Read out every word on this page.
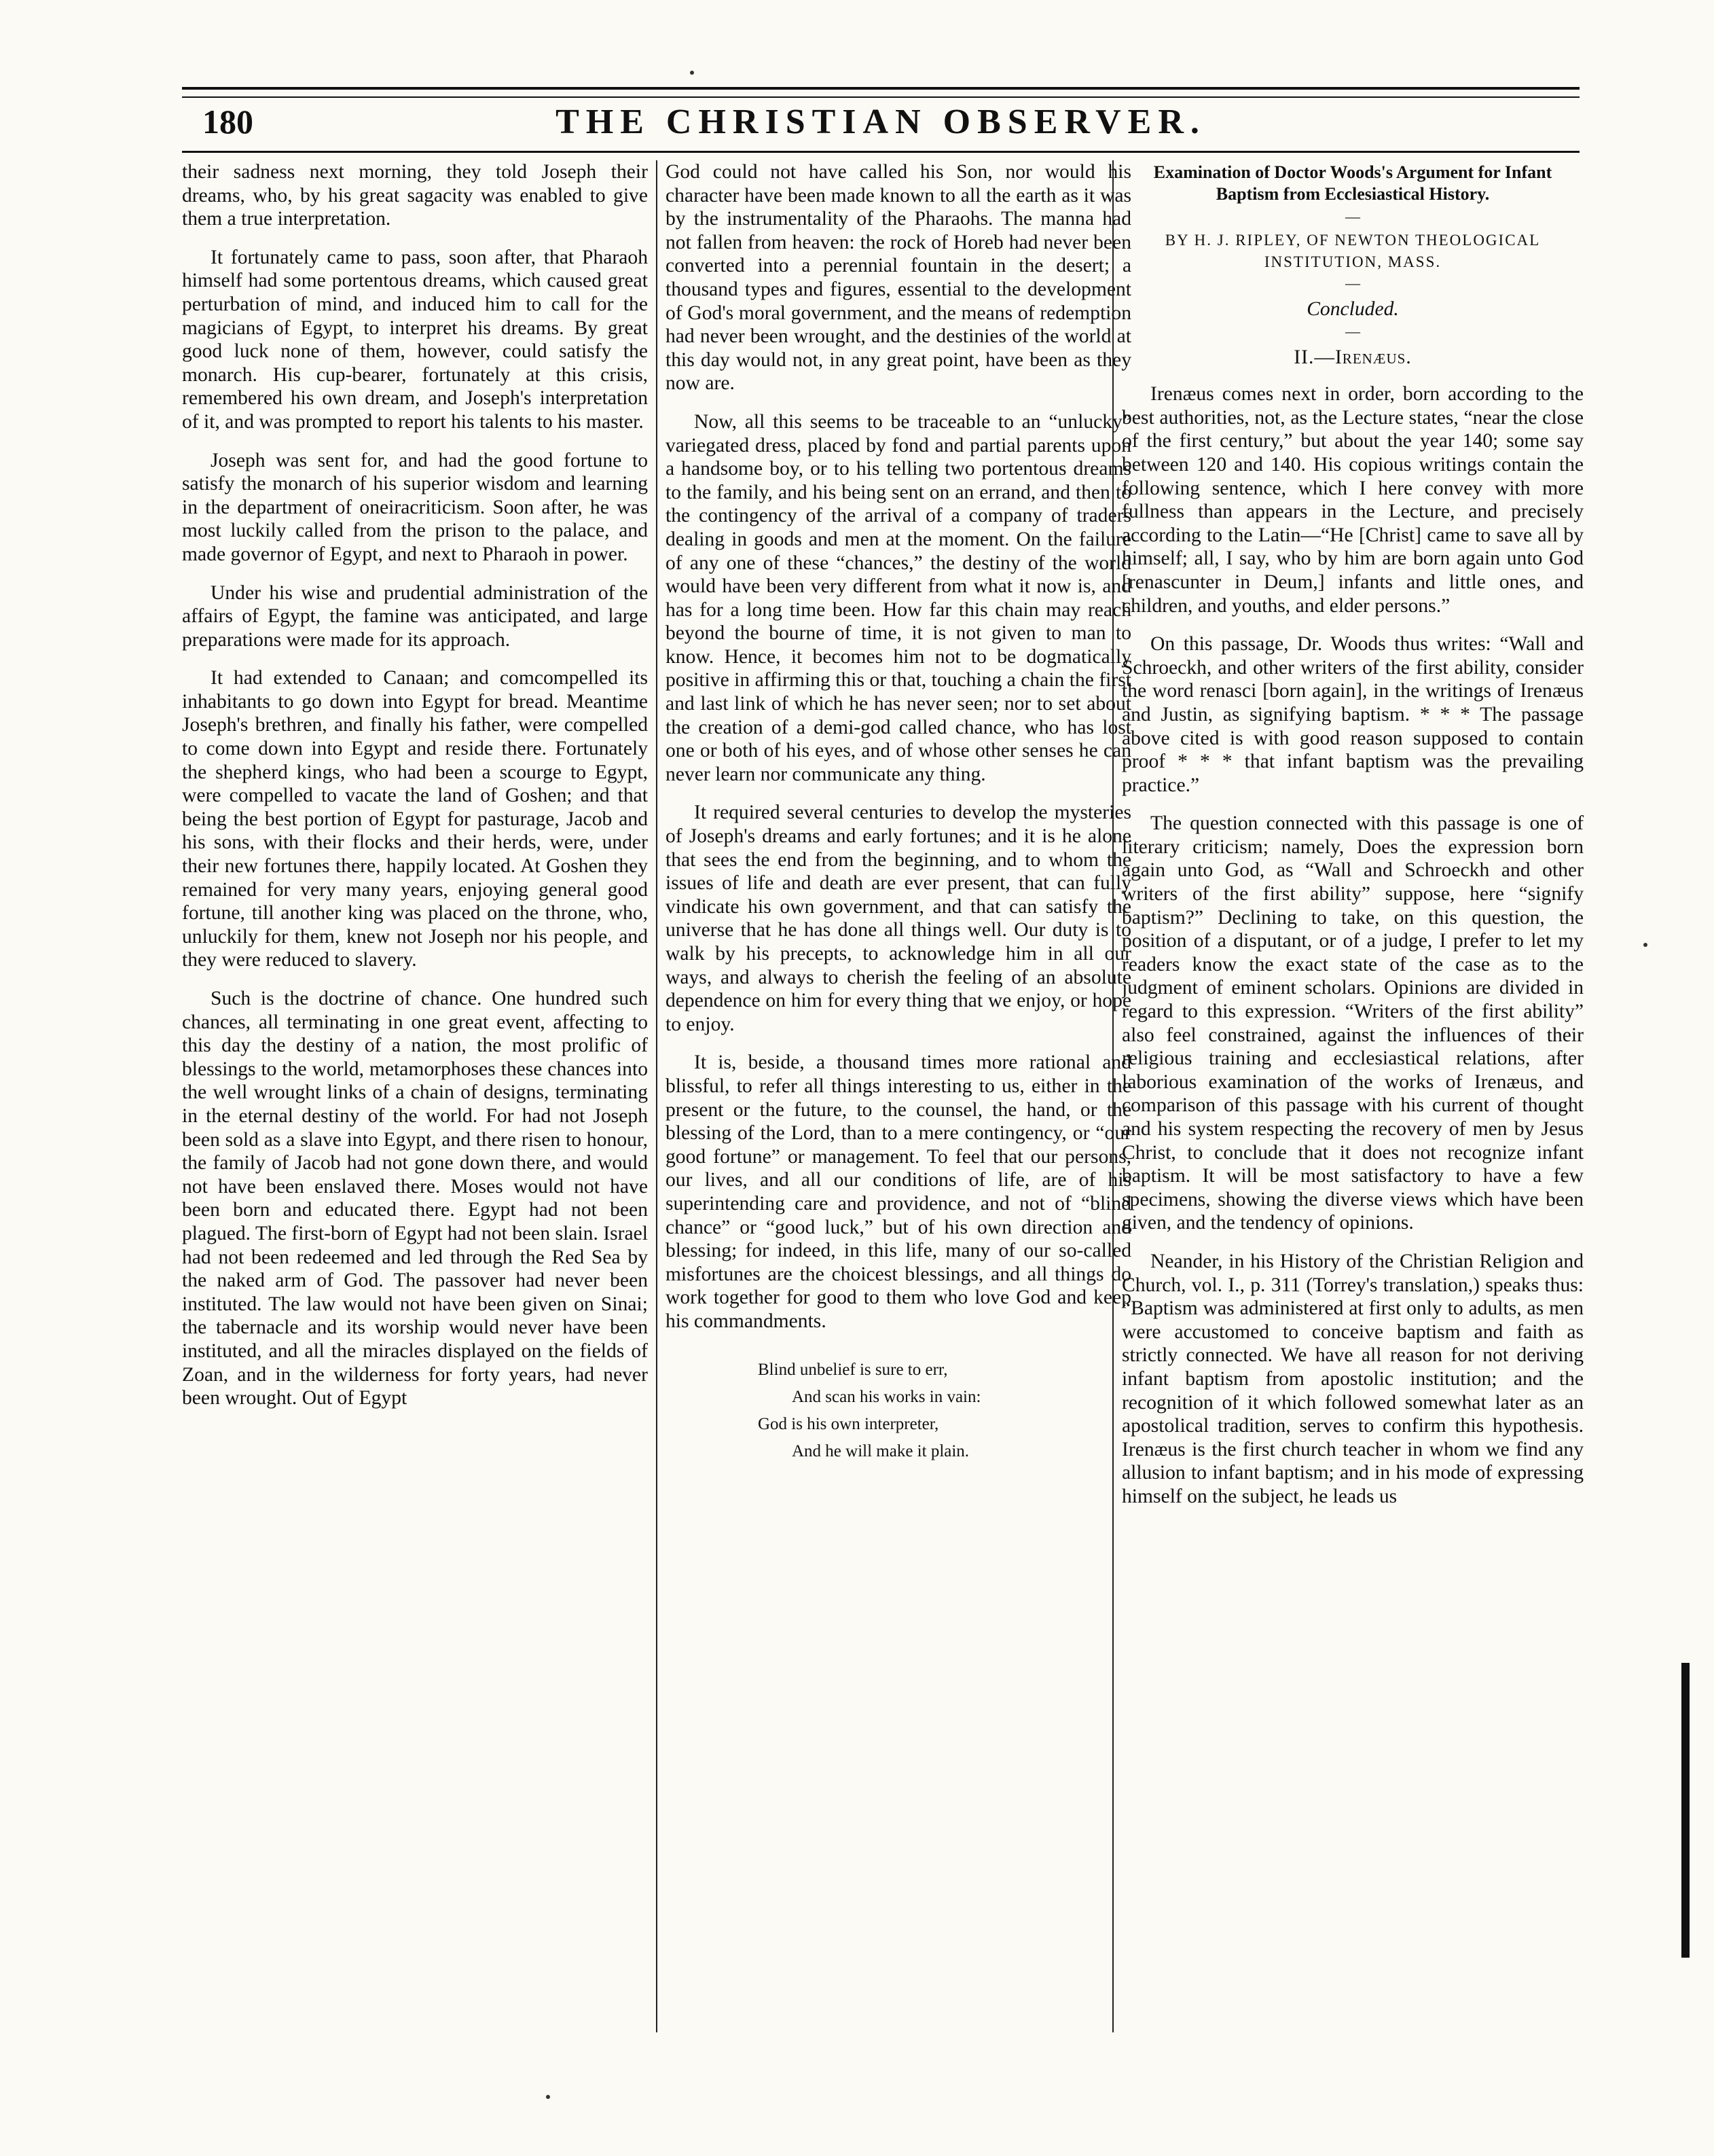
180	THE CHRISTIAN OBSERVER.

their sadness next morning, they told Joseph their dreams, who, by his great sagacity was enabled to give them a true interpretation.

It fortunately came to pass, soon after, that Pharaoh himself had some portentous dreams, which caused great perturbation of mind, and induced him to call for the magicians of Egypt, to interpret his dreams. By great good luck none of them, however, could satisfy the monarch. His cup-bearer, fortunately at this crisis, remembered his own dream, and Joseph's interpretation of it, and was prompted to report his talents to his master.

Joseph was sent for, and had the good fortune to satisfy the monarch of his superior wisdom and learning in the department of oneiracriticism. Soon after, he was most luckily called from the prison to the palace, and made governor of Egypt, and next to Pharaoh in power.

Under his wise and prudential administration of the affairs of Egypt, the famine was anticipated, and large preparations were made for its approach.

It had extended to Canaan; and comcompelled its inhabitants to go down into Egypt for bread. Meantime Joseph's brethren, and finally his father, were compelled to come down into Egypt and reside there. Fortunately the shepherd kings, who had been a scourge to Egypt, were compelled to vacate the land of Goshen; and that being the best portion of Egypt for pasturage, Jacob and his sons, with their flocks and their herds, were, under their new fortunes there, happily located. At Goshen they remained for very many years, enjoying general good fortune, till another king was placed on the throne, who, unluckily for them, knew not Joseph nor his people, and they were reduced to slavery.

Such is the doctrine of chance. One hundred such chances, all terminating in one great event, affecting to this day the destiny of a nation, the most prolific of blessings to the world, metamorphoses these chances into the well wrought links of a chain of designs, terminating in the eternal destiny of the world. For had not Joseph been sold as a slave into Egypt, and there risen to honour, the family of Jacob had not gone down there, and would not have been enslaved there. Moses would not have been born and educated there. Egypt had not been plagued. The first-born of Egypt had not been slain. Israel had not been redeemed and led through the Red Sea by the naked arm of God. The passover had never been instituted. The law would not have been given on Sinai; the tabernacle and its worship would never have been instituted, and all the miracles displayed on the fields of Zoan, and in the wilderness for forty years, had never been wrought. Out of Egypt

God could not have called his Son, nor would his character have been made known to all the earth as it was by the instrumentality of the Pharaohs. The manna had not fallen from heaven: the rock of Horeb had never been converted into a perennial fountain in the desert; a thousand types and figures, essential to the development of God's moral government, and the means of redemption had never been wrought, and the destinies of the world at this day would not, in any great point, have been as they now are.

Now, all this seems to be traceable to an “unlucky” variegated dress, placed by fond and partial parents upon a handsome boy, or to his telling two portentous dreams to the family, and his being sent on an errand, and then to the contingency of the arrival of a company of traders dealing in goods and men at the moment. On the failure of any one of these “chances,” the destiny of the world would have been very different from what it now is, and has for a long time been. How far this chain may reach beyond the bourne of time, it is not given to man to know. Hence, it becomes him not to be dogmatically positive in affirming this or that, touching a chain the first and last link of which he has never seen; nor to set about the creation of a demi-god called chance, who has lost one or both of his eyes, and of whose other senses he can never learn nor communicate any thing.

It required several centuries to develop the mysteries of Joseph's dreams and early fortunes; and it is he alone that sees the end from the beginning, and to whom the issues of life and death are ever present, that can fully vindicate his own government, and that can satisfy the universe that he has done all things well. Our duty is to walk by his precepts, to acknowledge him in all our ways, and always to cherish the feeling of an absolute dependence on him for every thing that we enjoy, or hope to enjoy.

It is, beside, a thousand times more rational and blissful, to refer all things interesting to us, either in the present or the future, to the counsel, the hand, or the blessing of the Lord, than to a mere contingency, or “our good fortune” or management. To feel that our persons, our lives, and all our conditions of life, are of his superintending care and providence, and not of “blind chance” or “good luck,” but of his own direction and blessing; for indeed, in this life, many of our so-called misfortunes are the choicest blessings, and all things do work together for good to them who love God and keep his commandments.

Blind unbelief is sure to err,
And scan his works in vain:
God is his own interpreter,
And he will make it plain.
Examination of Doctor Woods's Argument for Infant Baptism from Ecclesiastical History.
—
BY H. J. RIPLEY, OF NEWTON THEOLOGICAL INSTITUTION, MASS.
—
Concluded.
—
II.—Irenæus.

Irenæus comes next in order, born according to the best authorities, not, as the Lecture states, “near the close of the first century,” but about the year 140; some say between 120 and 140. His copious writings contain the following sentence, which I here convey with more fullness than appears in the Lecture, and precisely according to the Latin—“He [Christ] came to save all by himself; all, I say, who by him are born again unto God [renascunter in Deum,] infants and little ones, and children, and youths, and elder persons.”

On this passage, Dr. Woods thus writes: “Wall and Schroeckh, and other writers of the first ability, consider the word renasci [born again], in the writings of Irenæus and Justin, as signifying baptism. * * * The passage above cited is with good reason supposed to contain proof * * * that infant baptism was the prevailing practice.”

The question connected with this passage is one of literary criticism; namely, Does the expression born again unto God, as “Wall and Schroeckh and other writers of the first ability” suppose, here “signify baptism?” Declining to take, on this question, the position of a disputant, or of a judge, I prefer to let my readers know the exact state of the case as to the judgment of eminent scholars. Opinions are divided in regard to this expression. “Writers of the first ability” also feel constrained, against the influences of their religious training and ecclesiastical relations, after laborious examination of the works of Irenæus, and comparison of this passage with his current of thought and his system respecting the recovery of men by Jesus Christ, to conclude that it does not recognize infant baptism. It will be most satisfactory to have a few specimens, showing the diverse views which have been given, and the tendency of opinions.

Neander, in his History of the Christian Religion and Church, vol. I., p. 311 (Torrey's translation,) speaks thus: “Baptism was administered at first only to adults, as men were accustomed to conceive baptism and faith as strictly connected. We have all reason for not deriving infant baptism from apostolic institution; and the recognition of it which followed somewhat later as an apostolical tradition, serves to confirm this hypothesis. Irenæus is the first church teacher in whom we find any allusion to infant baptism; and in his mode of expressing himself on the subject, he leads us
